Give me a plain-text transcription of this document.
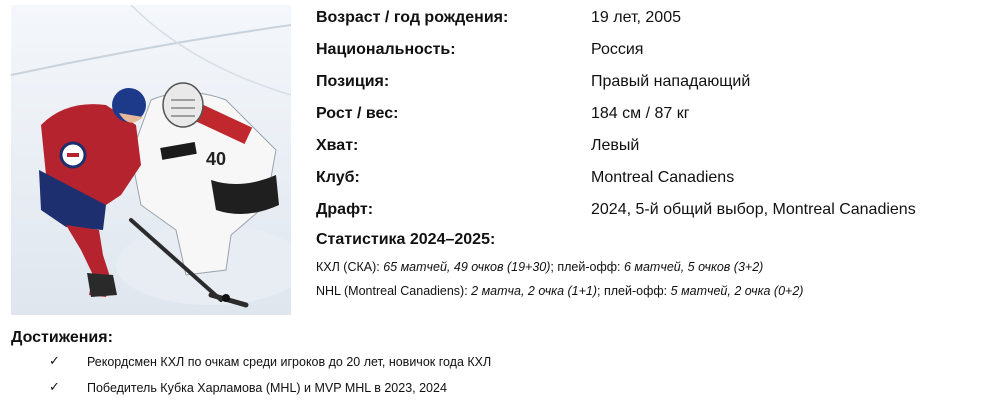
40
Возраст / год рождения:	19 лет, 2005
Национальность:	Россия
Позиция:	Правый нападающий
Рост / вес:	184 см / 87 кг
Хват:	Левый
Клуб:	Montreal Canadiens
Драфт:	2024, 5-й общий выбор, Montreal Canadiens
Статистика 2024–2025:
КХЛ (СКА): 65 матчей, 49 очков (19+30); плей-офф: 6 матчей, 5 очков (3+2)
NHL (Montreal Canadiens): 2 матча, 2 очка (1+1); плей-офф: 5 матчей, 2 очка (0+2)
Достижения:
✓ Рекордсмен КХЛ по очкам среди игроков до 20 лет, новичок года КХЛ
✓ Победитель Кубка Харламова (MHL) и MVP MHL в 2023, 2024
